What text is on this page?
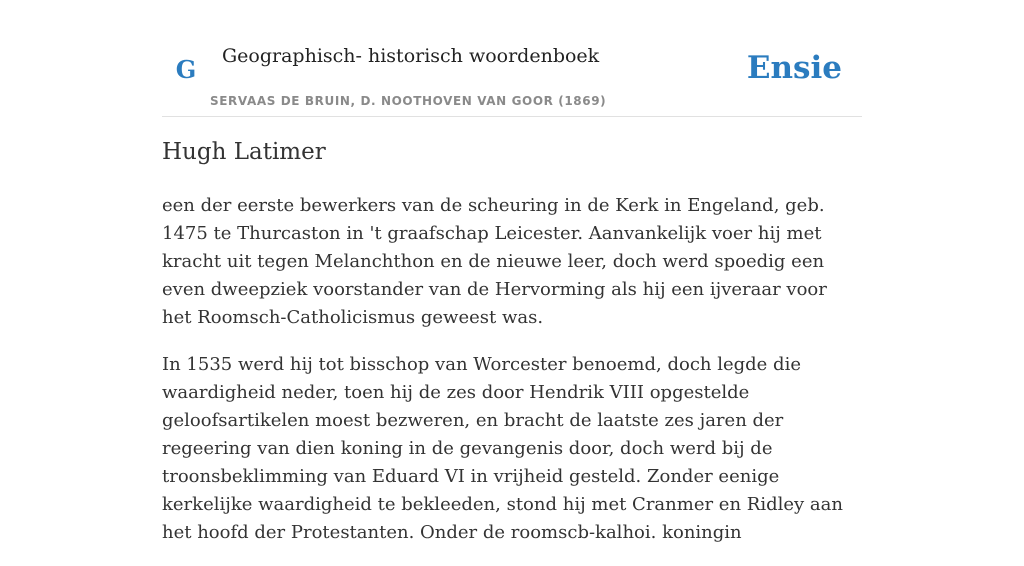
G Geographisch- historisch woordenboek
SERVAAS DE BRUIN, D. NOOTHOVEN VAN GOOR (1869)
Ensie
Hugh Latimer

een der eerste bewerkers van de scheuring in de Kerk in Engeland, geb. 1475 te Thurcaston in 't graafschap Leicester. Aanvankelijk voer hij met kracht uit tegen Melanchthon en de nieuwe leer, doch werd spoedig een even dweepziek voorstander van de Hervorming als hij een ijveraar voor het Roomsch-Catholicismus geweest was.

In 1535 werd hij tot bisschop van Worcester benoemd, doch legde die waardigheid neder, toen hij de zes door Hendrik VIII opgestelde geloofsartikelen moest bezweren, en bracht de laatste zes jaren der regeering van dien koning in de gevangenis door, doch werd bij de troonsbeklimming van Eduard VI in vrijheid gesteld. Zonder eenige kerkelijke waardigheid te bekleeden, stond hij met Cranmer en Ridley aan het hoofd der Protestanten. Onder de roomscb-kalhoi. koningin
